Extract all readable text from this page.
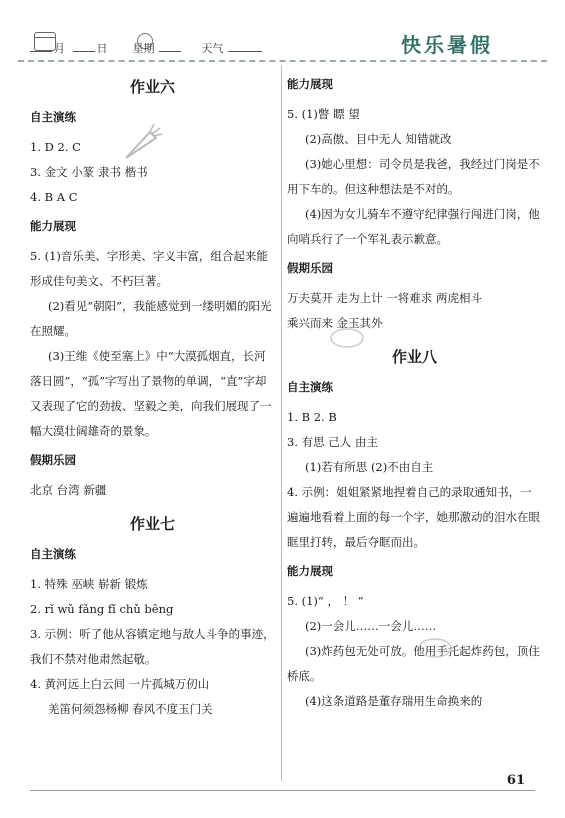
月	日 星期	天气	快乐暑假
作业六
自主演练
1. D 2. C
3. 金文 小篆 隶书 楷书
4. B A C
能力展现
5. (1)音乐美、字形美、字义丰富，组合起来能形成佳句美文、不朽巨著。
(2)看见“朝阳”，我能感觉到一缕明媚的阳光在照耀。
(3)王维《使至塞上》中“大漠孤烟直，长河落日圆”，“孤”字写出了景物的单调，“直”字却又表现了它的劲拔、坚毅之美，向我们展现了一幅大漠壮阔雄奇的景象。
假期乐园
北京 台湾 新疆
作业七
自主演练
1. 特殊 巫峡 崭新 锻炼
2. rǐ wǔ fǎng fǐ chǔ bēng
3. 示例：听了他从容镇定地与敌人斗争的事迹，我们不禁对他肃然起敬。
4. 黄河远上白云间 一片孤城万仞山
羌笛何须怨杨柳 春风不度玉门关
能力展现
5. (1)瞥 瞟 望
(2)高傲、目中无人 知错就改
(3)她心里想：司令员是我爸，我经过门岗是不用下车的。但这种想法是不对的。
(4)因为女儿骑车不遵守纪律强行闯进门岗，他向哨兵行了一个军礼表示歉意。
假期乐园
万夫莫开 走为上计 一将难求 两虎相斗
乘兴而来 金玉其外
作业八
自主演练
1. B 2. B
3. 有思 己人 由主
(1)若有所思 (2)不由自主
4. 示例：姐姐紧紧地捏着自己的录取通知书，一遍遍地看着上面的每一个字，她那激动的泪水在眼眶里打转，最后夺眶而出。
能力展现
5. (1)“ ， ！ ”
(2)一会儿……一会儿……
(3)炸药包无处可放。他用手托起炸药包，顶住桥底。
(4)这条道路是董存瑞用生命换来的
61
